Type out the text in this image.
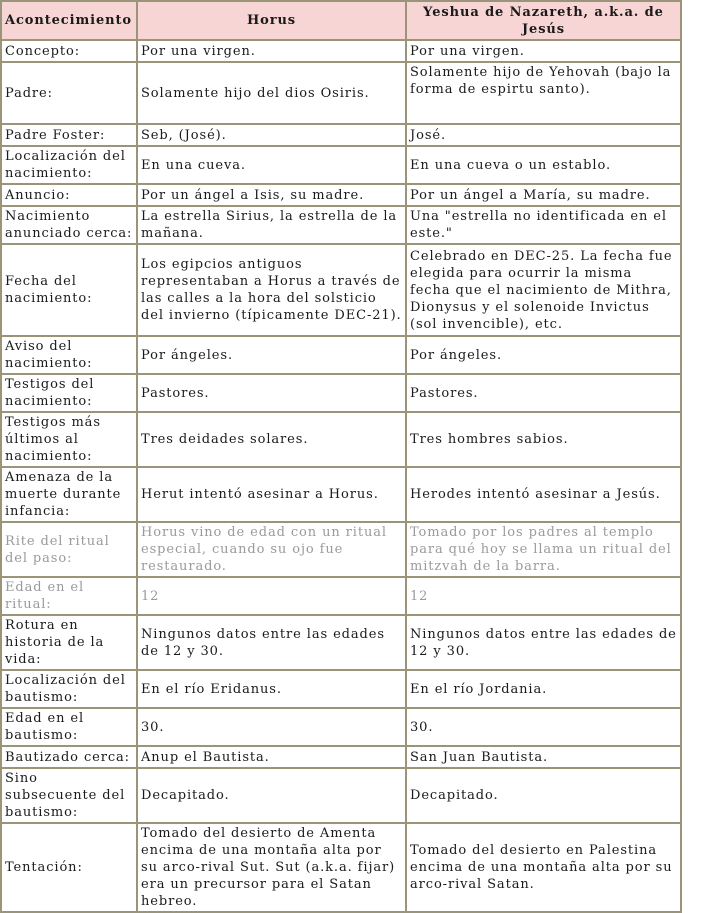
Acontecimiento	Horus	Yeshua de Nazareth, a.k.a. de Jesús
Concepto:	Por una virgen.	Por una virgen.
Padre:	Solamente hijo del dios Osiris.	Solamente hijo de Yehovah (bajo la forma de espirtu santo).
Padre Foster:	Seb, (José).	José.
Localización del nacimiento:	En una cueva.	En una cueva o un establo.
Anuncio:	Por un ángel a Isis, su madre.	Por un ángel a María, su madre.
Nacimiento anunciado cerca:	La estrella Sirius, la estrella de la mañana.	Una "estrella no identificada en el este."
Fecha del nacimiento:	Los egipcios antiguos representaban a Horus a través de las calles a la hora del solsticio del invierno (típicamente DEC-21).	Celebrado en DEC-25. La fecha fue elegida para ocurrir la misma fecha que el nacimiento de Mithra, Dionysus y el solenoide Invictus (sol invencible), etc.
Aviso del nacimiento:	Por ángeles.	Por ángeles.
Testigos del nacimiento:	Pastores.	Pastores.
Testigos más últimos al nacimiento:	Tres deidades solares.	Tres hombres sabios.
Amenaza de la muerte durante infancia:	Herut intentó asesinar a Horus.	Herodes intentó asesinar a Jesús.
Rite del ritual del paso:	Horus vino de edad con un ritual especial, cuando su ojo fue restaurado.	Tomado por los padres al templo para qué hoy se llama un ritual del mitzvah de la barra.
Edad en el ritual:	12	12
Rotura en historia de la vida:	Ningunos datos entre las edades de 12 y 30.	Ningunos datos entre las edades de 12 y 30.
Localización del bautismo:	En el río Eridanus.	En el río Jordania.
Edad en el bautismo:	30.	30.
Bautizado cerca:	Anup el Bautista.	San Juan Bautista.
Sino subsecuente del bautismo:	Decapitado.	Decapitado.
Tentación:	Tomado del desierto de Amenta encima de una montaña alta por su arco-rival Sut. Sut (a.k.a. fijar) era un precursor para el Satan hebreo.	Tomado del desierto en Palestina encima de una montaña alta por su arco-rival Satan.
